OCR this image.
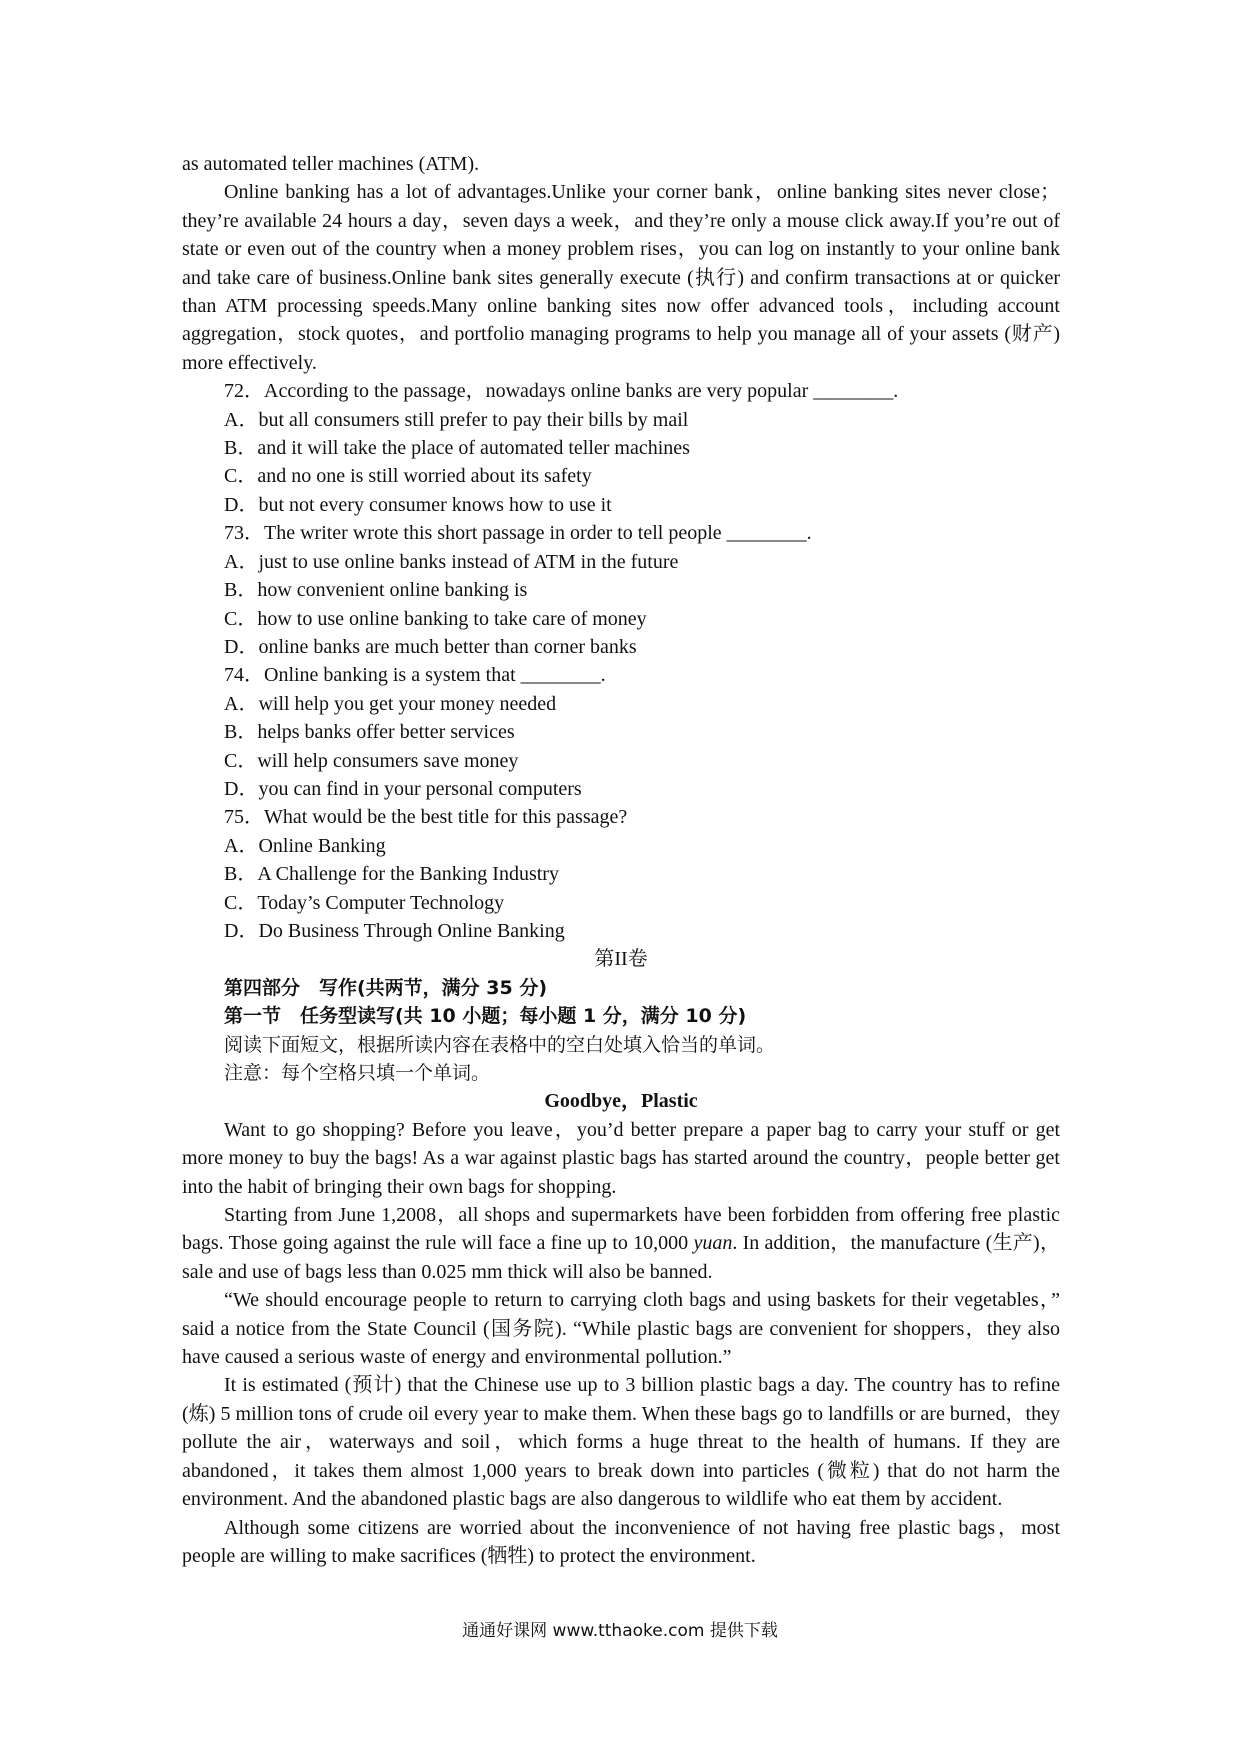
as automated teller machines (ATM).

Online banking has a lot of advantages.Unlike your corner bank，online banking sites never close；they’re available 24 hours a day，seven days a week，and they’re only a mouse click away.If you’re out of state or even out of the country when a money problem rises，you can log on instantly to your online bank and take care of business.Online bank sites generally execute (执行) and confirm transactions at or quicker than ATM processing speeds.Many online banking sites now offer advanced tools，including account aggregation，stock quotes，and portfolio managing programs to help you manage all of your assets (财产) more effectively.

72．According to the passage，nowadays online banks are very popular ________.

A．but all consumers still prefer to pay their bills by mail

B．and it will take the place of automated teller machines

C．and no one is still worried about its safety

D．but not every consumer knows how to use it

73．The writer wrote this short passage in order to tell people ________.

A．just to use online banks instead of ATM in the future

B．how convenient online banking is

C．how to use online banking to take care of money

D．online banks are much better than corner banks

74．Online banking is a system that ________.

A．will help you get your money needed

B．helps banks offer better services

C．will help consumers save money

D．you can find in your personal computers

75．What would be the best title for this passage?

A．Online Banking

B．A Challenge for the Banking Industry

C．Today’s Computer Technology

D．Do Business Through Online Banking

第II卷

第四部分　写作(共两节，满分 35 分)

第一节　任务型读写(共 10 小题；每小题 1 分，满分 10 分)

阅读下面短文，根据所读内容在表格中的空白处填入恰当的单词。

注意：每个空格只填一个单词。

Goodbye，Plastic

Want to go shopping? Before you leave，you’d better prepare a paper bag to carry your stuff or get more money to buy the bags! As a war against plastic bags has started around the country，people better get into the habit of bringing their own bags for shopping.

Starting from June 1,2008，all shops and supermarkets have been forbidden from offering free plastic bags. Those going against the rule will face a fine up to 10,000 yuan. In addition，the manufacture (生产)，sale and use of bags less than 0.025 mm thick will also be banned.

“We should encourage people to return to carrying cloth bags and using baskets for their vegetables，” said a notice from the State Council (国务院). “While plastic bags are convenient for shoppers，they also have caused a serious waste of energy and environmental pollution.”

It is estimated (预计) that the Chinese use up to 3 billion plastic bags a day. The country has to refine (炼) 5 million tons of crude oil every year to make them. When these bags go to landfills or are burned，they pollute the air，waterways and soil，which forms a huge threat to the health of humans. If they are abandoned，it takes them almost 1,000 years to break down into particles (微粒) that do not harm the environment. And the abandoned plastic bags are also dangerous to wildlife who eat them by accident.

Although some citizens are worried about the inconvenience of not having free plastic bags，most people are willing to make sacrifices (牺牲) to protect the environment.

通通好课网 www.tthaoke.com 提供下载
